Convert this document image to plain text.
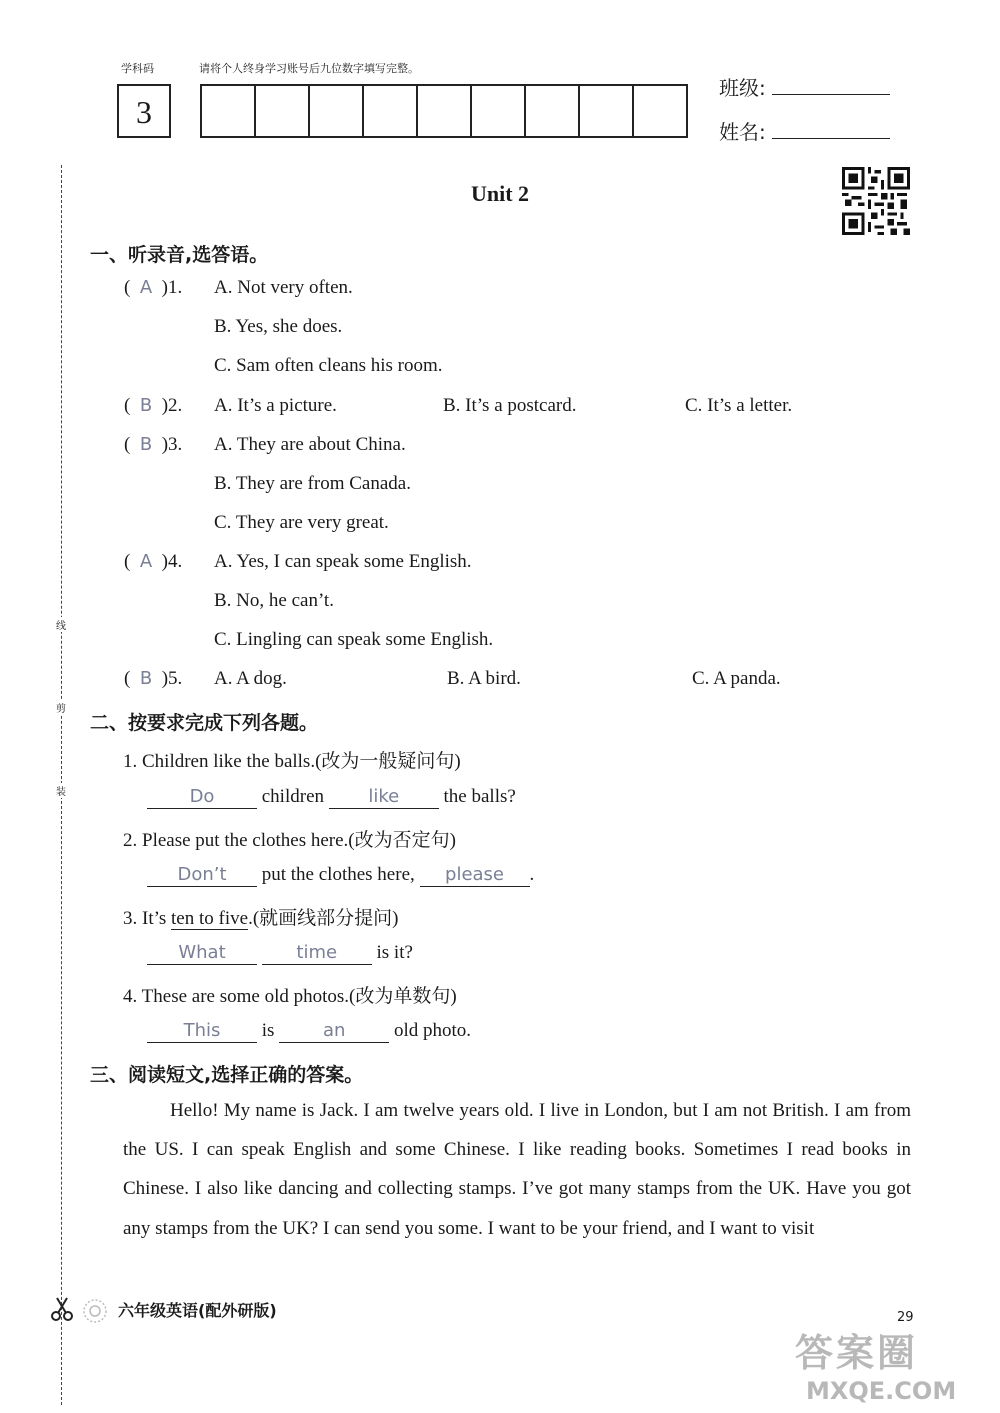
学科码	请将个人终身学习账号后九位数字填写完整。
3
班级:
姓名:
Unit 2
线
剪
装
一、听录音,选答语。
(  A )1. A. Not very often.
B. Yes, she does.
C. Sam often cleans his room.
(  B )2. A. It’s a picture.	B. It’s a postcard.	C. It’s a letter.
(  B )3. A. They are about China.
B. They are from Canada.
C. They are very great.
(  A )4. A. Yes, I can speak some English.
B. No, he can’t.
C. Lingling can speak some English.
(  B )5. A. A dog.	B. A bird.	C. A panda.
二、按要求完成下列各题。
1. Children like the balls.(改为一般疑问句)
Do children like the balls?
2. Please put the clothes here.(改为否定句)
Don’t put the clothes here, please .
3. It’s ten to five.(就画线部分提问)
What	time is it?
4. These are some old photos.(改为单数句)
This is	an	old photo.
三、阅读短文,选择正确的答案。
Hello! My name is Jack. I am twelve years old. I live in London, but I am not British. I am from the US. I can speak English and some Chinese. I like reading books. Sometimes I read books in Chinese. I also like dancing and collecting stamps. I’ve got many stamps from the UK. Have you got any stamps from the UK? I can send you some. I want to be your friend, and I want to visit
六年级英语(配外研版)	29
答案圈
MXQE.COM
